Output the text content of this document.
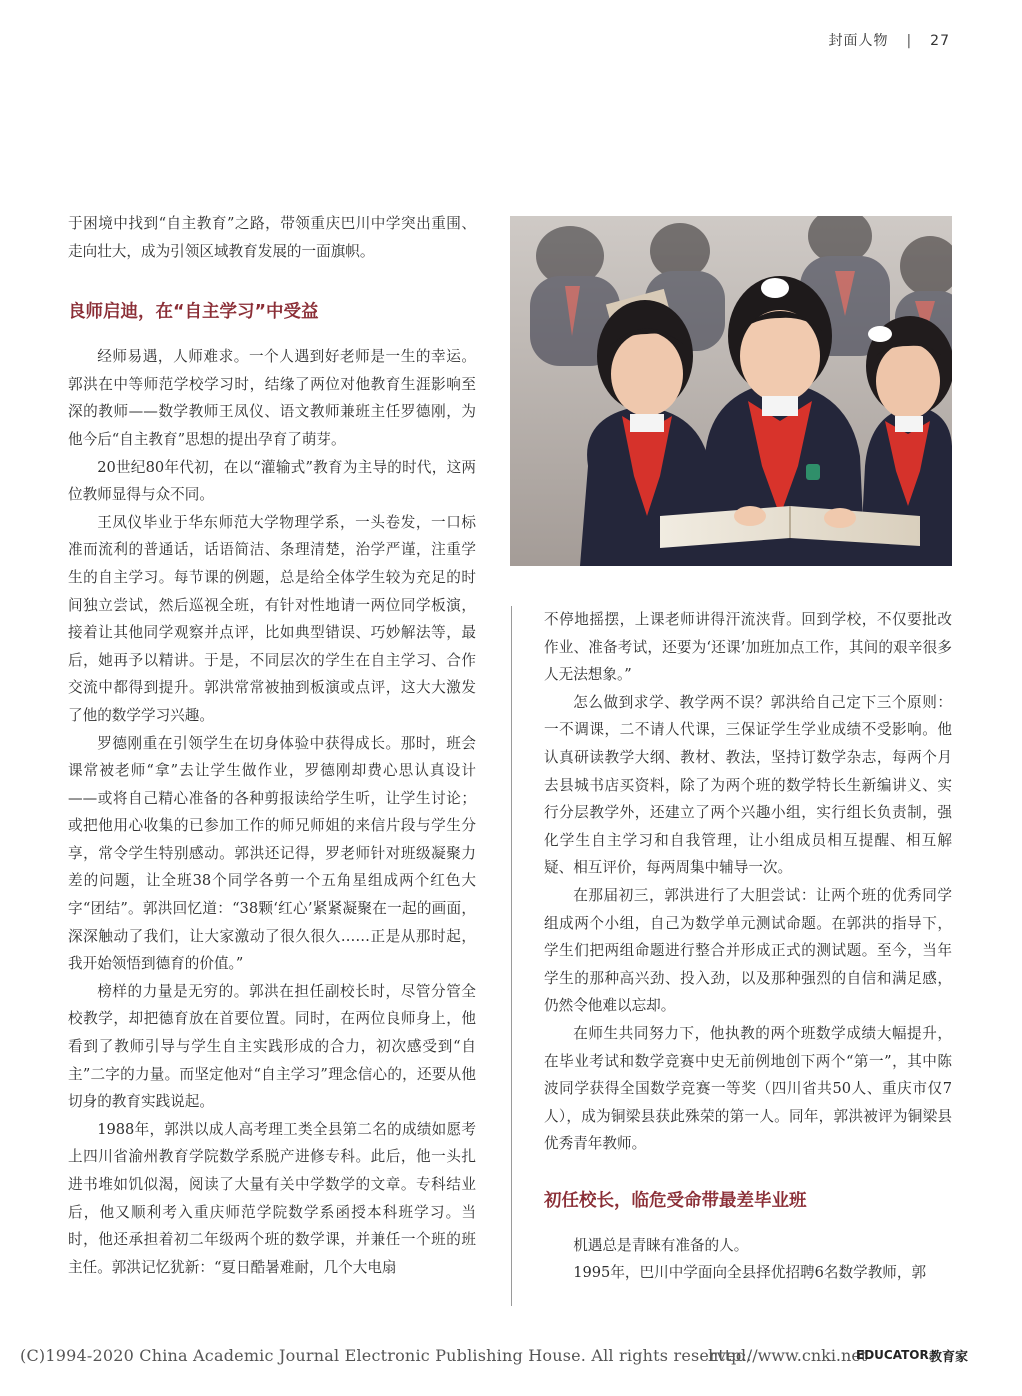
封面人物 | 27

于困境中找到“自主教育”之路，带领重庆巴川中学突出重围、走向壮大，成为引领区域教育发展的一面旗帜。

良师启迪，在“自主学习”中受益

经师易遇，人师难求。一个人遇到好老师是一生的幸运。郭洪在中等师范学校学习时，结缘了两位对他教育生涯影响至深的教师——数学教师王凤仪、语文教师兼班主任罗德刚，为他今后“自主教育”思想的提出孕育了萌芽。

20世纪80年代初，在以“灌输式”教育为主导的时代，这两位教师显得与众不同。

王凤仪毕业于华东师范大学物理学系，一头卷发，一口标准而流利的普通话，话语简洁、条理清楚，治学严谨，注重学生的自主学习。每节课的例题，总是给全体学生较为充足的时间独立尝试，然后巡视全班，有针对性地请一两位同学板演，接着让其他同学观察并点评，比如典型错误、巧妙解法等，最后，她再予以精讲。于是，不同层次的学生在自主学习、合作交流中都得到提升。郭洪常常被抽到板演或点评，这大大激发了他的数学学习兴趣。

罗德刚重在引领学生在切身体验中获得成长。那时，班会课常被老师“拿”去让学生做作业，罗德刚却费心思认真设计——或将自己精心准备的各种剪报读给学生听，让学生讨论；或把他用心收集的已参加工作的师兄师姐的来信片段与学生分享，常令学生特别感动。郭洪还记得，罗老师针对班级凝聚力差的问题，让全班38个同学各剪一个五角星组成两个红色大字“团结”。郭洪回忆道：“38颗‘红心’紧紧凝聚在一起的画面，深深触动了我们，让大家激动了很久很久……正是从那时起，我开始领悟到德育的价值。”

榜样的力量是无穷的。郭洪在担任副校长时，尽管分管全校教学，却把德育放在首要位置。同时，在两位良师身上，他看到了教师引导与学生自主实践形成的合力，初次感受到“自主”二字的力量。而坚定他对“自主学习”理念信心的，还要从他切身的教育实践说起。

1988年，郭洪以成人高考理工类全县第二名的成绩如愿考上四川省渝州教育学院数学系脱产进修专科。此后，他一头扎进书堆如饥似渴，阅读了大量有关中学数学的文章。专科结业后，他又顺利考入重庆师范学院数学系函授本科班学习。当时，他还承担着初二年级两个班的数学课，并兼任一个班的班主任。郭洪记忆犹新：“夏日酷暑难耐，几个大电扇

不停地摇摆，上课老师讲得汗流浃背。回到学校，不仅要批改作业、准备考试，还要为‘还课’加班加点工作，其间的艰辛很多人无法想象。”

怎么做到求学、教学两不误？郭洪给自己定下三个原则：一不调课，二不请人代课，三保证学生学业成绩不受影响。他认真研读教学大纲、教材、教法，坚持订数学杂志，每两个月去县城书店买资料，除了为两个班的数学特长生新编讲义、实行分层教学外，还建立了两个兴趣小组，实行组长负责制，强化学生自主学习和自我管理，让小组成员相互提醒、相互解疑、相互评价，每两周集中辅导一次。

在那届初三，郭洪进行了大胆尝试：让两个班的优秀同学组成两个小组，自己为数学单元测试命题。在郭洪的指导下，学生们把两组命题进行整合并形成正式的测试题。至今，当年学生的那种高兴劲、投入劲，以及那种强烈的自信和满足感，仍然令他难以忘却。

在师生共同努力下，他执教的两个班数学成绩大幅提升，在毕业考试和数学竞赛中史无前例地创下两个“第一”，其中陈波同学获得全国数学竞赛一等奖（四川省共50人、重庆市仅7人），成为铜梁县获此殊荣的第一人。同年，郭洪被评为铜梁县优秀青年教师。

初任校长，临危受命带最差毕业班

机遇总是青睐有准备的人。

1995年，巴川中学面向全县择优招聘6名数学教师，郭

(C)1994-2020 China Academic Journal Electronic Publishing House. All rights reserved.
http://www.cnki.net
EDUCATOR 教育家
